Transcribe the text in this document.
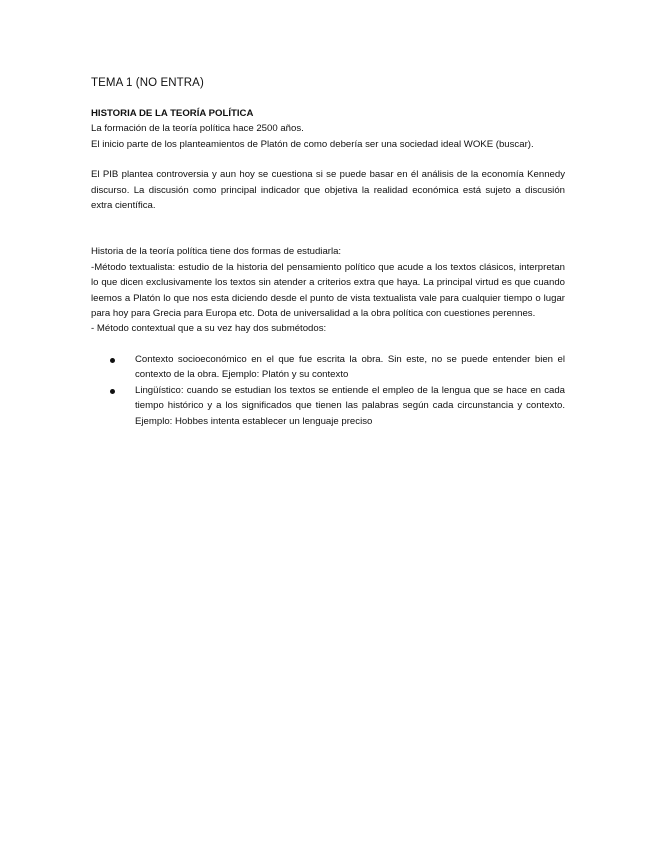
TEMA 1 (NO ENTRA)

HISTORIA DE LA TEORÍA POLÍTICA

La formación de la teoría política hace 2500 años.

El inicio parte de los planteamientos de Platón de como debería ser una sociedad ideal WOKE (buscar).

El PIB plantea controversia y aun hoy se cuestiona si se puede basar en él análisis de la economía Kennedy discurso. La discusión como principal indicador que objetiva la realidad económica está sujeto a discusión extra científica.

Historia de la teoría política tiene dos formas de estudiarla:

-Método textualista: estudio de la historia del pensamiento político que acude a los textos clásicos, interpretan lo que dicen exclusivamente los textos sin atender a criterios extra que haya. La principal virtud es que cuando leemos a Platón lo que nos esta diciendo desde el punto de vista textualista vale para cualquier tiempo o lugar para hoy para Grecia para Europa etc. Dota de universalidad a la obra política con cuestiones perennes.

- Método contextual que a su vez hay dos submétodos:

Contexto socioeconómico en el que fue escrita la obra. Sin este, no se puede entender bien el contexto de la obra. Ejemplo: Platón y su contexto
Lingüístico: cuando se estudian los textos se entiende el empleo de la lengua que se hace en cada tiempo histórico y a los significados que tienen las palabras según cada circunstancia y contexto. Ejemplo: Hobbes intenta establecer un lenguaje preciso
